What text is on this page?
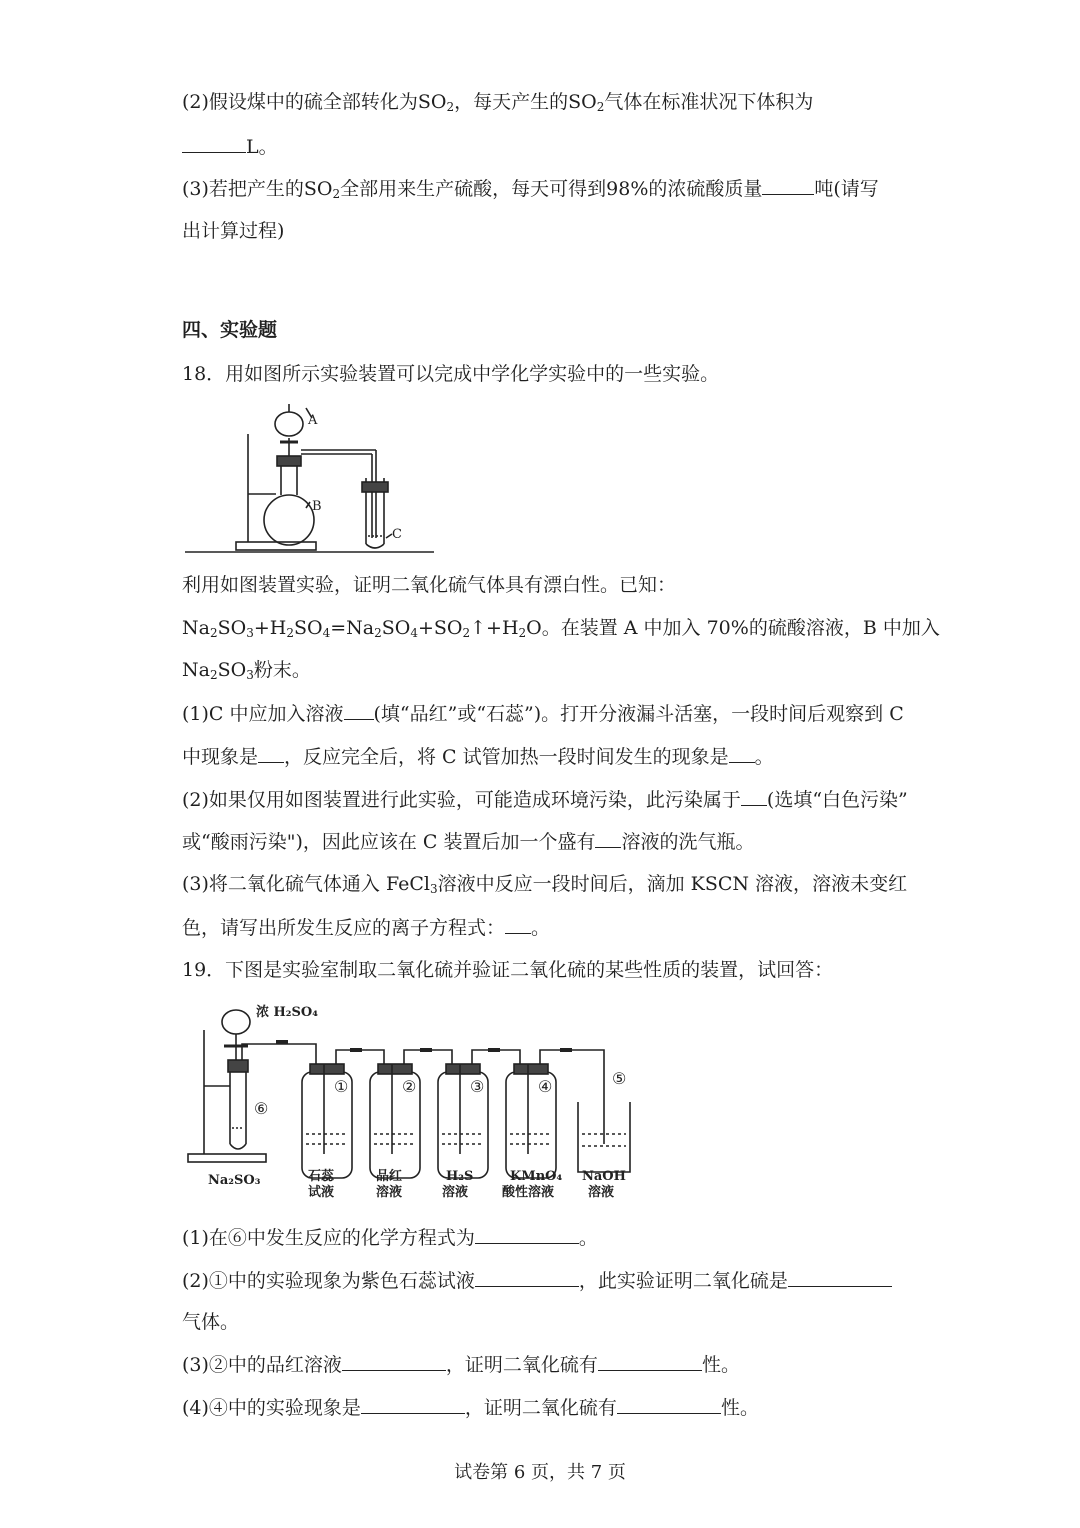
(2)假设煤中的硫全部转化为$SO_2$，每天产生的$SO_2$气体在标准状况下体积为
L。
(3)若把产生的$SO_2$全部用来生产硫酸，每天可得到98%的浓硫酸质量	吨(请写
出计算过程)
四、实验题
18．用如图所示实验装置可以完成中学化学实验中的一些实验。
A
B
C
利用如图装置实验，证明二氧化硫气体具有漂白性。已知：
$Na_2SO_3+H_2SO_4=Na_2SO_4+SO_2↑+H_2O$。在装置 A 中加入 70%的硫酸溶液，B 中加入
$Na_2SO_3$粉末。
(1)C 中应加入溶液 (填“品红”或“石蕊”)。打开分液漏斗活塞，一段时间后观察到 C
中现象是 ，反应完全后，将 C 试管加热一段时间发生的现象是 。
(2)如果仅用如图装置进行此实验，可能造成环境污染，此污染属于 (选填“白色污染”
或“酸雨污染")，因此应该在 C 装置后加一个盛有 溶液的洗气瓶。
(3)将二氧化硫气体通入 FeCl$_3$溶液中反应一段时间后，滴加 KSCN 溶液，溶液未变红
色，请写出所发生反应的离子方程式： 。
19．下图是实验室制取二氧化硫并验证二氧化硫的某些性质的装置，试回答：
浓 H₂SO₄
①	②	③	④	⑤
⑥
Na₂SO₃	石蕊
试液
品红
溶液
H₂S
溶液
KMnO₄
酸性溶液
NaOH
溶液
(1)在⑥中发生反应的化学方程式为	。
(2)①中的实验现象为紫色石蕊试液	，此实验证明二氧化硫是
气体。
(3)②中的品红溶液	，证明二氧化硫有	性。
(4)④中的实验现象是	，证明二氧化硫有	性。
试卷第 6 页，共 7 页
